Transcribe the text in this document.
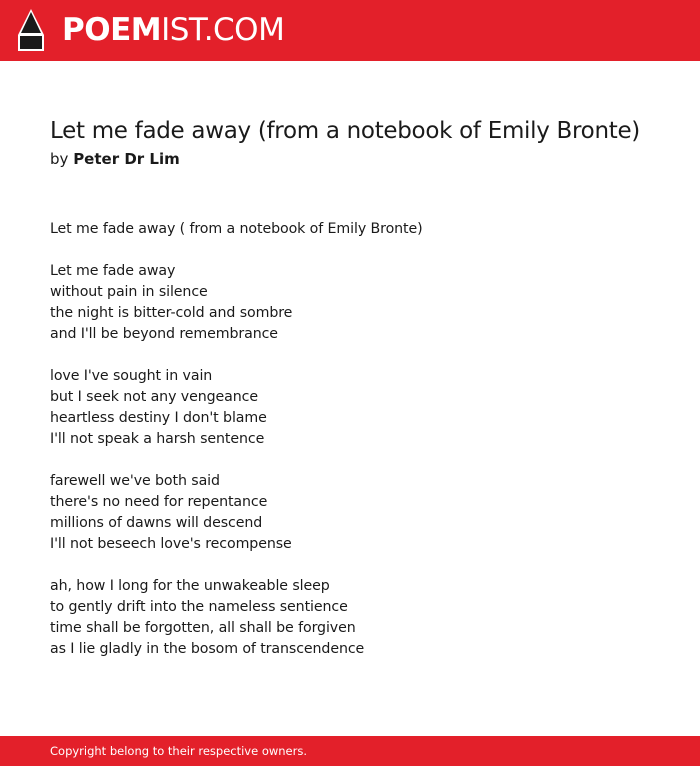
POEMIST.COM
Let me fade away (from a notebook of Emily Bronte)
by Peter Dr Lim
Let me fade away ( from a notebook of Emily Bronte)
Let me fade away
without pain in silence
the night is bitter-cold and sombre
and I'll be beyond remembrance
love I've sought in vain
but I seek not any vengeance
heartless destiny I don't blame
I'll not speak a harsh sentence
farewell we've both said
there's no need for repentance
millions of dawns will descend
I'll not beseech love's recompense
ah, how I long for the unwakeable sleep
to gently drift into the nameless sentience
time shall be forgotten, all shall be forgiven
as I lie gladly in the bosom of transcendence
Copyright belong to their respective owners.
